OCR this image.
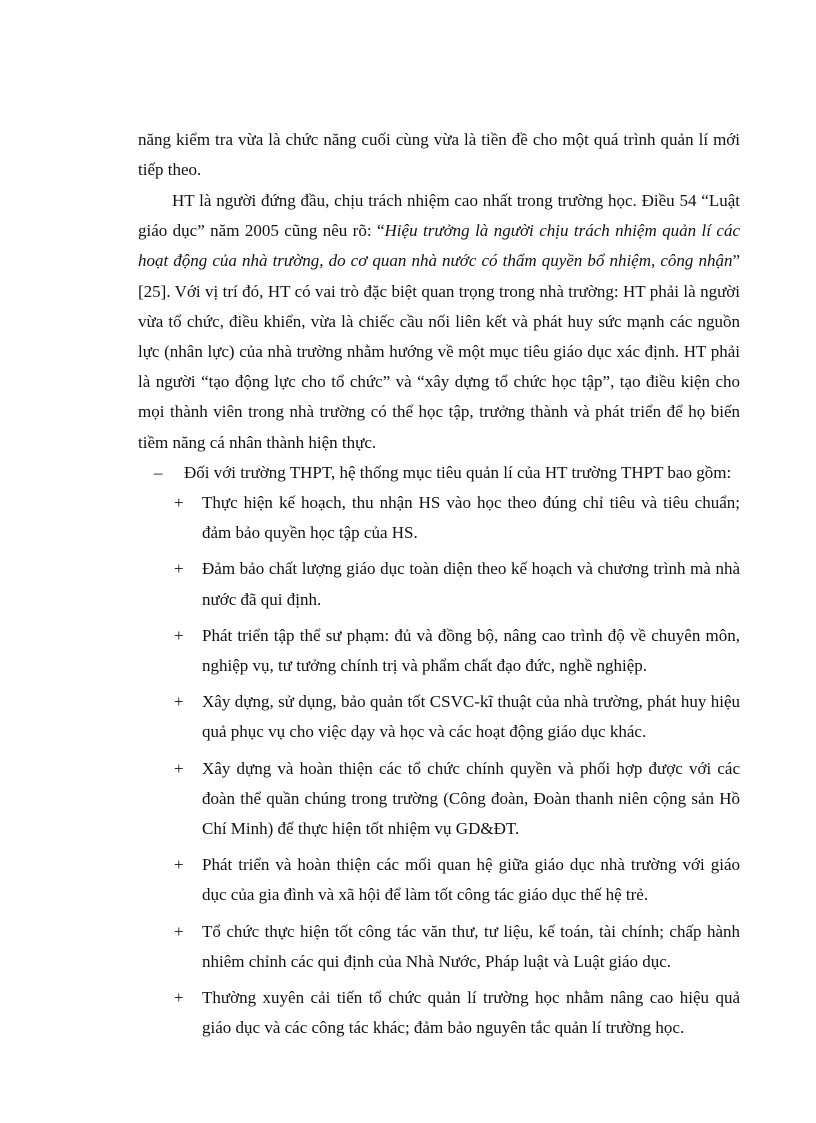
năng kiểm tra vừa là chức năng cuối cùng vừa là tiền đề cho một quá trình quản lí mới tiếp theo.

HT là người đứng đầu, chịu trách nhiệm cao nhất trong trường học. Điều 54 “Luật giáo dục” năm 2005 cũng nêu rõ: “Hiệu trưởng là người chịu trách nhiệm quản lí các hoạt động của nhà trường, do cơ quan nhà nước có thẩm quyền bổ nhiệm, công nhận” [25]. Với vị trí đó, HT có vai trò đặc biệt quan trọng trong nhà trường: HT phải là người vừa tổ chức, điều khiển, vừa là chiếc cầu nối liên kết và phát huy sức mạnh các nguồn lực (nhân lực) của nhà trường nhằm hướng về một mục tiêu giáo dục xác định. HT phải là người “tạo động lực cho tổ chức” và “xây dựng tổ chức học tập”, tạo điều kiện cho mọi thành viên trong nhà trường có thể học tập, trưởng thành và phát triển để họ biến tiềm năng cá nhân thành hiện thực.

– Đối với trường THPT, hệ thống mục tiêu quản lí của HT trường THPT bao gồm:
+ Thực hiện kế hoạch, thu nhận HS vào học theo đúng chỉ tiêu và tiêu chuẩn; đảm bảo quyền học tập của HS.
+ Đảm bảo chất lượng giáo dục toàn diện theo kế hoạch và chương trình mà nhà nước đã qui định.
+ Phát triển tập thể sư phạm: đủ và đồng bộ, nâng cao trình độ về chuyên môn, nghiệp vụ, tư tưởng chính trị và phẩm chất đạo đức, nghề nghiệp.
+ Xây dựng, sử dụng, bảo quản tốt CSVC-kĩ thuật của nhà trường, phát huy hiệu quả phục vụ cho việc dạy và học và các hoạt động giáo dục khác.
+ Xây dựng và hoàn thiện các tổ chức chính quyền và phối hợp được với các đoàn thể quần chúng trong trường (Công đoàn, Đoàn thanh niên cộng sản Hồ Chí Minh) để thực hiện tốt nhiệm vụ GD&ĐT.
+ Phát triển và hoàn thiện các mối quan hệ giữa giáo dục nhà trường với giáo dục của gia đình và xã hội để làm tốt công tác giáo dục thế hệ trẻ.
+ Tổ chức thực hiện tốt công tác văn thư, tư liệu, kế toán, tài chính; chấp hành nhiêm chỉnh các qui định của Nhà Nước, Pháp luật và Luật giáo dục.
+ Thường xuyên cải tiến tổ chức quản lí trường học nhằm nâng cao hiệu quả giáo dục và các công tác khác; đảm bảo nguyên tắc quản lí trường học.
